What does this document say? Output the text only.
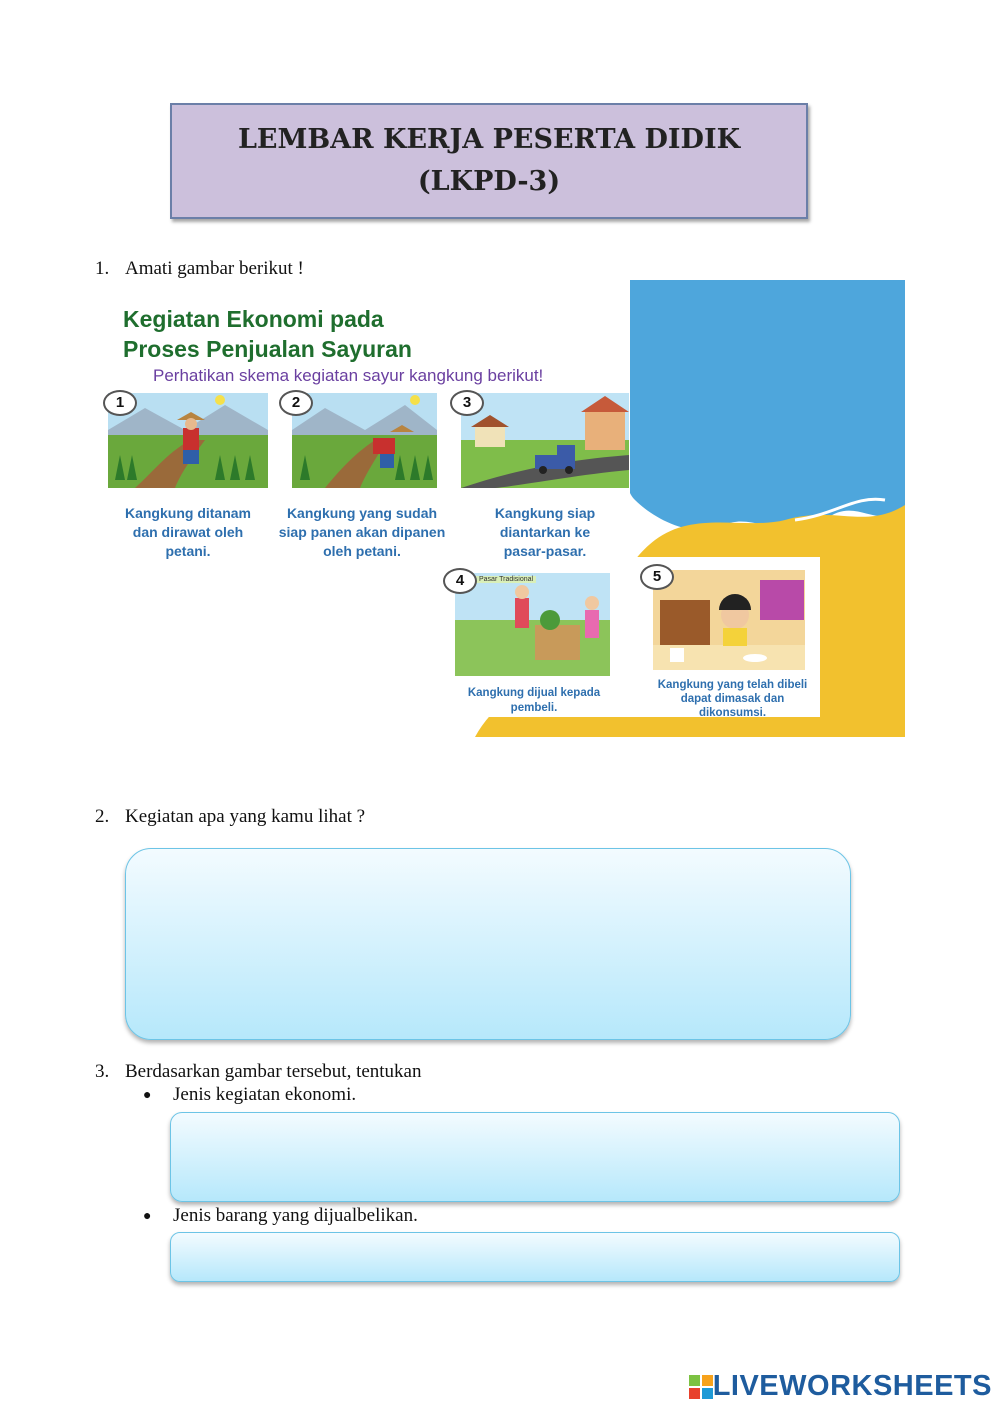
LEMBAR KERJA PESERTA DIDIK
(LKPD-3)
1. Amati gambar berikut !
Kegiatan Ekonomi pada
Proses Penjualan Sayuran
Perhatikan skema kegiatan sayur kangkung berikut!
Pasar Tradisional
1	2	3
4	5
Kangkung ditanam dan dirawat oleh petani.
Kangkung yang sudah siap panen akan dipanen oleh petani.
Kangkung siap diantarkan ke pasar-pasar.
Kangkung dijual kepada pembeli.
Kangkung yang telah dibeli dapat dimasak dan dikonsumsi.
2. Kegiatan apa yang kamu lihat ?
3. Berdasarkan gambar tersebut, tentukan
● Jenis kegiatan ekonomi.
● Jenis barang yang dijualbelikan.
LIVEWORKSHEETS
